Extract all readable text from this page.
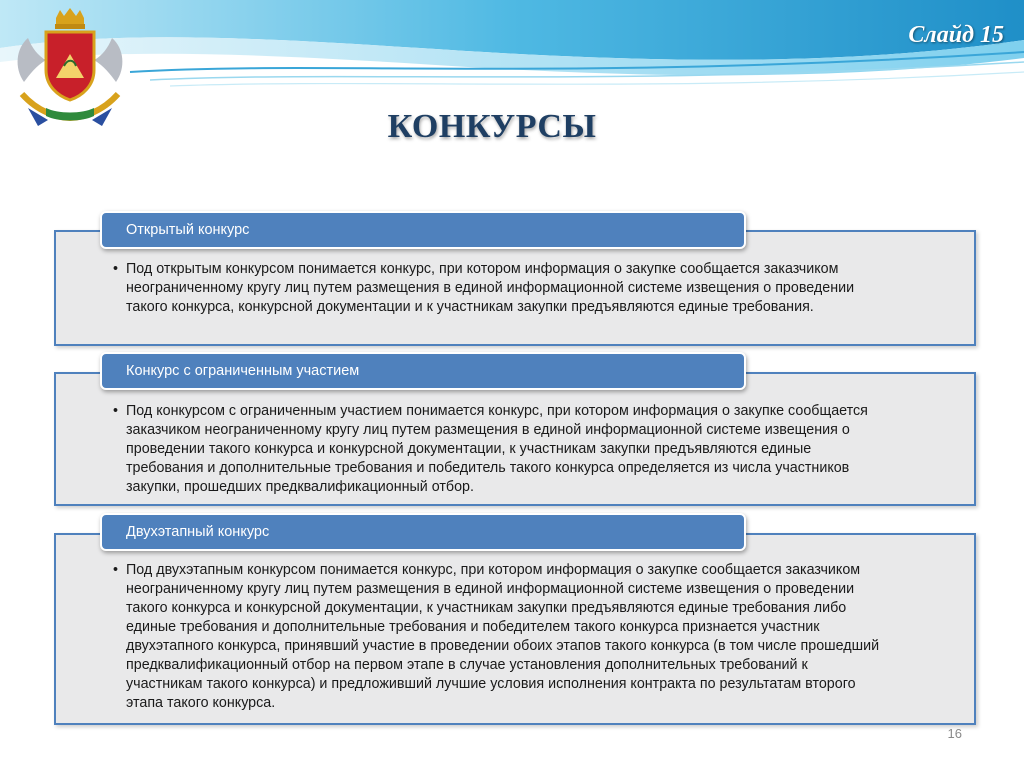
Слайд 15
КОНКУРСЫ
Открытый конкурс
• Под открытым конкурсом понимается конкурс, при котором информация о закупке сообщается заказчиком неограниченному кругу лиц путем размещения в единой информационной системе извещения о проведении такого конкурса, конкурсной документации и к участникам закупки предъявляются единые требования.
Конкурс с ограниченным участием
• Под конкурсом с ограниченным участием понимается конкурс, при котором информация о закупке сообщается заказчиком неограниченному кругу лиц путем размещения в единой информационной системе извещения о проведении такого конкурса и конкурсной документации, к участникам закупки предъявляются единые требования и дополнительные требования и победитель такого конкурса определяется из числа участников закупки, прошедших предквалификационный отбор.
Двухэтапный конкурс
• Под двухэтапным конкурсом понимается конкурс, при котором информация о закупке сообщается заказчиком неограниченному кругу лиц путем размещения в единой информационной системе извещения о проведении такого конкурса и конкурсной документации, к участникам закупки предъявляются единые требования либо единые требования и дополнительные требования и победителем такого конкурса признается участник двухэтапного конкурса, принявший участие в проведении обоих этапов такого конкурса (в том числе прошедший предквалификационный отбор на первом этапе в случае установления дополнительных требований к участникам такого конкурса) и предложивший лучшие условия исполнения контракта по результатам второго этапа такого конкурса.
16
